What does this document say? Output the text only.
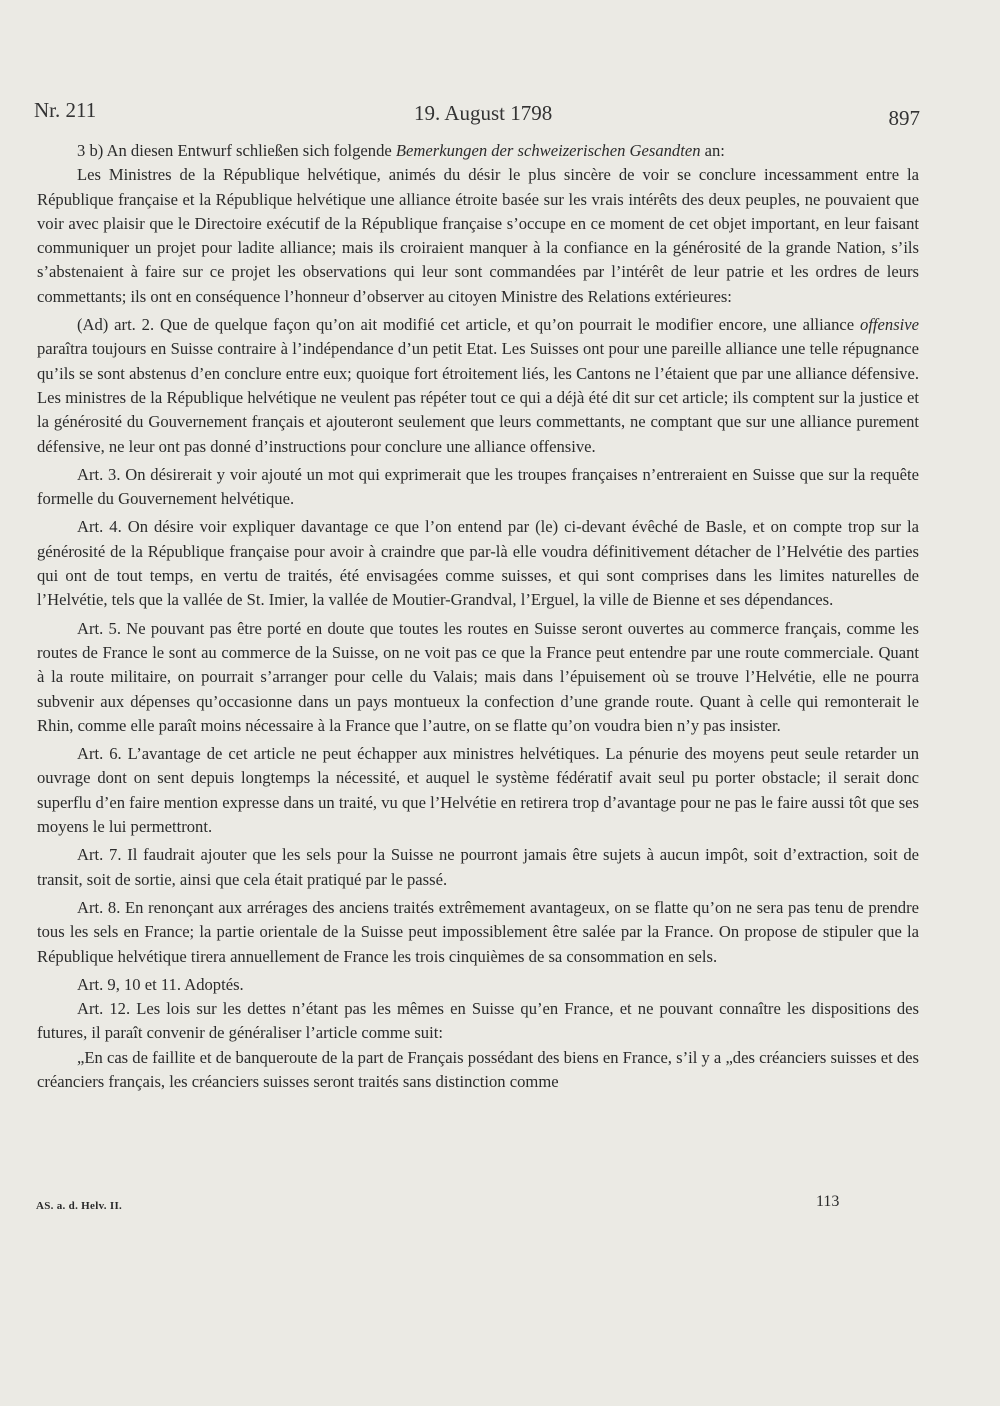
Nr. 211	19. August 1798	897

3 b) An diesen Entwurf schließen sich folgende Bemerkungen der schweizerischen Gesandten an:

Les Ministres de la République helvétique, animés du désir le plus sincère de voir se conclure incessamment entre la République française et la République helvétique une alliance étroite basée sur les vrais intérêts des deux peuples, ne pouvaient que voir avec plaisir que le Directoire exécutif de la République française s’occupe en ce moment de cet objet important, en leur faisant communiquer un projet pour ladite alliance; mais ils croiraient manquer à la confiance en la générosité de la grande Nation, s’ils s’abstenaient à faire sur ce projet les observations qui leur sont commandées par l’intérêt de leur patrie et les ordres de leurs commettants; ils ont en conséquence l’honneur d’observer au citoyen Ministre des Relations extérieures:

(Ad) art. 2. Que de quelque façon qu’on ait modifié cet article, et qu’on pourrait le modifier encore, une alliance offensive paraîtra toujours en Suisse contraire à l’indépendance d’un petit Etat. Les Suisses ont pour une pareille alliance une telle répugnance qu’ils se sont abstenus d’en conclure entre eux; quoique fort étroitement liés, les Cantons ne l’étaient que par une alliance défensive. Les ministres de la République helvétique ne veulent pas répéter tout ce qui a déjà été dit sur cet article; ils comptent sur la justice et la générosité du Gouvernement français et ajouteront seulement que leurs commettants, ne comptant que sur une alliance purement défensive, ne leur ont pas donné d’instructions pour conclure une alliance offensive.

Art. 3. On désirerait y voir ajouté un mot qui exprimerait que les troupes françaises n’entreraient en Suisse que sur la requête formelle du Gouvernement helvétique.

Art. 4. On désire voir expliquer davantage ce que l’on entend par (le) ci-devant évêché de Basle, et on compte trop sur la générosité de la République française pour avoir à craindre que par-là elle voudra définitivement détacher de l’Helvétie des parties qui ont de tout temps, en vertu de traités, été envisagées comme suisses, et qui sont comprises dans les limites naturelles de l’Helvétie, tels que la vallée de St. Imier, la vallée de Moutier-Grandval, l’Erguel, la ville de Bienne et ses dépendances.

Art. 5. Ne pouvant pas être porté en doute que toutes les routes en Suisse seront ouvertes au commerce français, comme les routes de France le sont au commerce de la Suisse, on ne voit pas ce que la France peut entendre par une route commerciale. Quant à la route militaire, on pourrait s’arranger pour celle du Valais; mais dans l’épuisement où se trouve l’Helvétie, elle ne pourra subvenir aux dépenses qu’occasionne dans un pays montueux la confection d’une grande route. Quant à celle qui remonterait le Rhin, comme elle paraît moins nécessaire à la France que l’autre, on se flatte qu’on voudra bien n’y pas insister.

Art. 6. L’avantage de cet article ne peut échapper aux ministres helvétiques. La pénurie des moyens peut seule retarder un ouvrage dont on sent depuis longtemps la nécessité, et auquel le système fédératif avait seul pu porter obstacle; il serait donc superflu d’en faire mention expresse dans un traité, vu que l’Helvétie en retirera trop d’avantage pour ne pas le faire aussi tôt que ses moyens le lui permettront.

Art. 7. Il faudrait ajouter que les sels pour la Suisse ne pourront jamais être sujets à aucun impôt, soit d’extraction, soit de transit, soit de sortie, ainsi que cela était pratiqué par le passé.

Art. 8. En renonçant aux arrérages des anciens traités extrêmement avantageux, on se flatte qu’on ne sera pas tenu de prendre tous les sels en France; la partie orientale de la Suisse peut impossiblement être salée par la France. On propose de stipuler que la République helvétique tirera annuellement de France les trois cinquièmes de sa consommation en sels.

Art. 9, 10 et 11. Adoptés.

Art. 12. Les lois sur les dettes n’étant pas les mêmes en Suisse qu’en France, et ne pouvant connaître les dispositions des futures, il paraît convenir de généraliser l’article comme suit:

„En cas de faillite et de banqueroute de la part de Français possédant des biens en France, s’il y a „des créanciers suisses et des créanciers français, les créanciers suisses seront traités sans distinction comme

AS. a. d. Helv. II.	113
